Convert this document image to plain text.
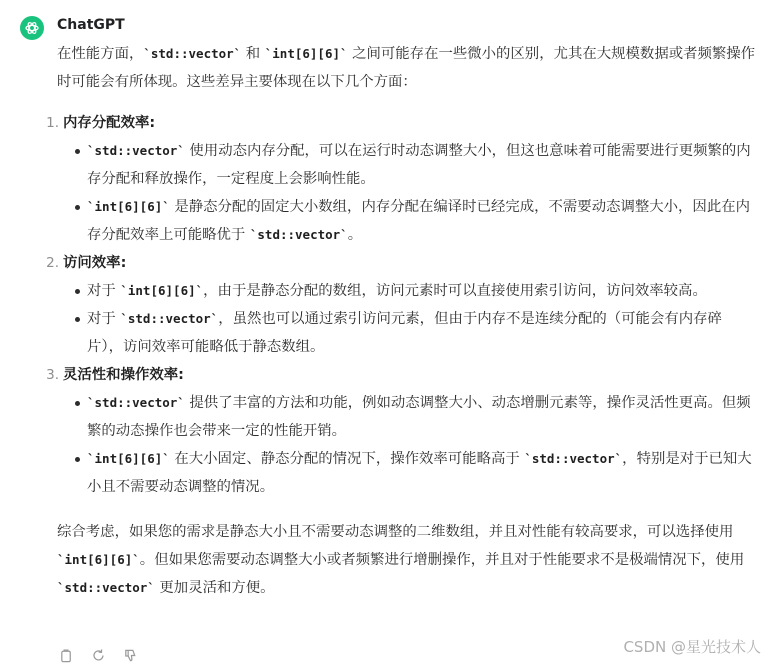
ChatGPT

在性能方面，`std::vector` 和 `int[6][6]` 之间可能存在一些微小的区别，尤其在大规模数据或者频繁操作时可能会有所体现。这些差异主要体现在以下几个方面：

1. 内存分配效率:
`std::vector` 使用动态内存分配，可以在运行时动态调整大小，但这也意味着可能需要进行更频繁的内存分配和释放操作，一定程度上会影响性能。
`int[6][6]` 是静态分配的固定大小数组，内存分配在编译时已经完成，不需要动态调整大小，因此在内存分配效率上可能略优于 `std::vector`。
2. 访问效率:
对于 `int[6][6]`，由于是静态分配的数组，访问元素时可以直接使用索引访问，访问效率较高。
对于 `std::vector`，虽然也可以通过索引访问元素，但由于内存不是连续分配的（可能会有内存碎片），访问效率可能略低于静态数组。
3. 灵活性和操作效率:
`std::vector` 提供了丰富的方法和功能，例如动态调整大小、动态增删元素等，操作灵活性更高。但频繁的动态操作也会带来一定的性能开销。
`int[6][6]` 在大小固定、静态分配的情况下，操作效率可能略高于 `std::vector`，特别是对于已知大小且不需要动态调整的情况。

综合考虑，如果您的需求是静态大小且不需要动态调整的二维数组，并且对性能有较高要求，可以选择使用 `int[6][6]`。但如果您需要动态调整大小或者频繁进行增删操作，并且对于性能要求不是极端情况下，使用 `std::vector` 更加灵活和方便。

CSDN @星光技术人
